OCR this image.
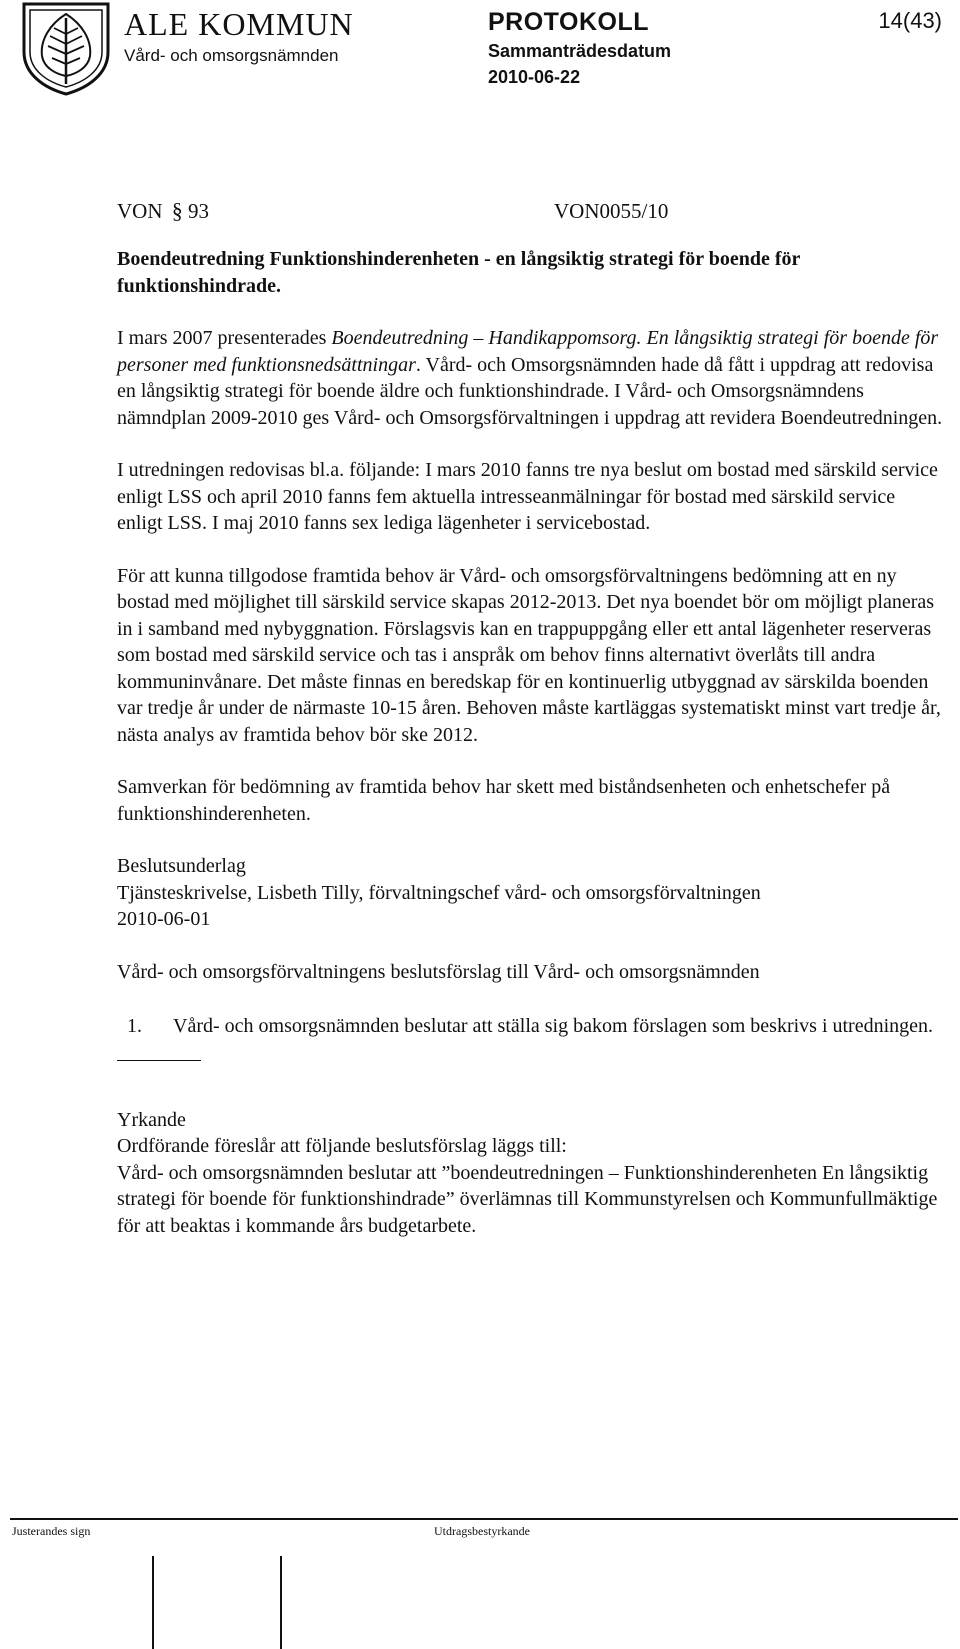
ALE KOMMUN
Vård- och omsorgsnämnden
PROTOKOLL
Sammanträdesdatum
2010-06-22
14(43)
VON § 93	VON0055/10

Boendeutredning Funktionshinderenheten - en långsiktig strategi för boende för funktionshindrade.

I mars 2007 presenterades Boendeutredning – Handikappomsorg. En långsiktig strategi för boende för personer med funktionsnedsättningar. Vård- och Omsorgsnämnden hade då fått i uppdrag att redovisa en långsiktig strategi för boende äldre och funktionshindrade. I Vård- och Omsorgsnämndens nämndplan 2009-2010 ges Vård- och Omsorgsförvaltningen i uppdrag att revidera Boendeutredningen.

I utredningen redovisas bl.a. följande: I mars 2010 fanns tre nya beslut om bostad med särskild service enligt LSS och april 2010 fanns fem aktuella intresseanmälningar för bostad med särskild service enligt LSS. I maj 2010 fanns sex lediga lägenheter i servicebostad.

För att kunna tillgodose framtida behov är Vård- och omsorgsförvaltningens bedömning att en ny bostad med möjlighet till särskild service skapas 2012-2013. Det nya boendet bör om möjligt planeras in i samband med nybyggnation. Förslagsvis kan en trappuppgång eller ett antal lägenheter reserveras som bostad med särskild service och tas i anspråk om behov finns alternativt överlåts till andra kommuninvånare. Det måste finnas en beredskap för en kontinuerlig utbyggnad av särskilda boenden var tredje år under de närmaste 10-15 åren. Behoven måste kartläggas systematiskt minst vart tredje år, nästa analys av framtida behov bör ske 2012.

Samverkan för bedömning av framtida behov har skett med biståndsenheten och enhetschefer på funktionshinderenheten.

Beslutsunderlag

Tjänsteskrivelse, Lisbeth Tilly, förvaltningschef vård- och omsorgsförvaltningen

2010-06-01

Vård- och omsorgsförvaltningens beslutsförslag till Vård- och omsorgsnämnden

1.	Vård- och omsorgsnämnden beslutar att ställa sig bakom förslagen som beskrivs i utredningen.

Yrkande

Ordförande föreslår att följande beslutsförslag läggs till:

Vård- och omsorgsnämnden beslutar att ”boendeutredningen – Funktionshinderenheten En långsiktig strategi för boende för funktionshindrade” överlämnas till Kommunstyrelsen och Kommunfullmäktige för att beaktas i kommande års budgetarbete.

Justerandes sign	Utdragsbestyrkande
